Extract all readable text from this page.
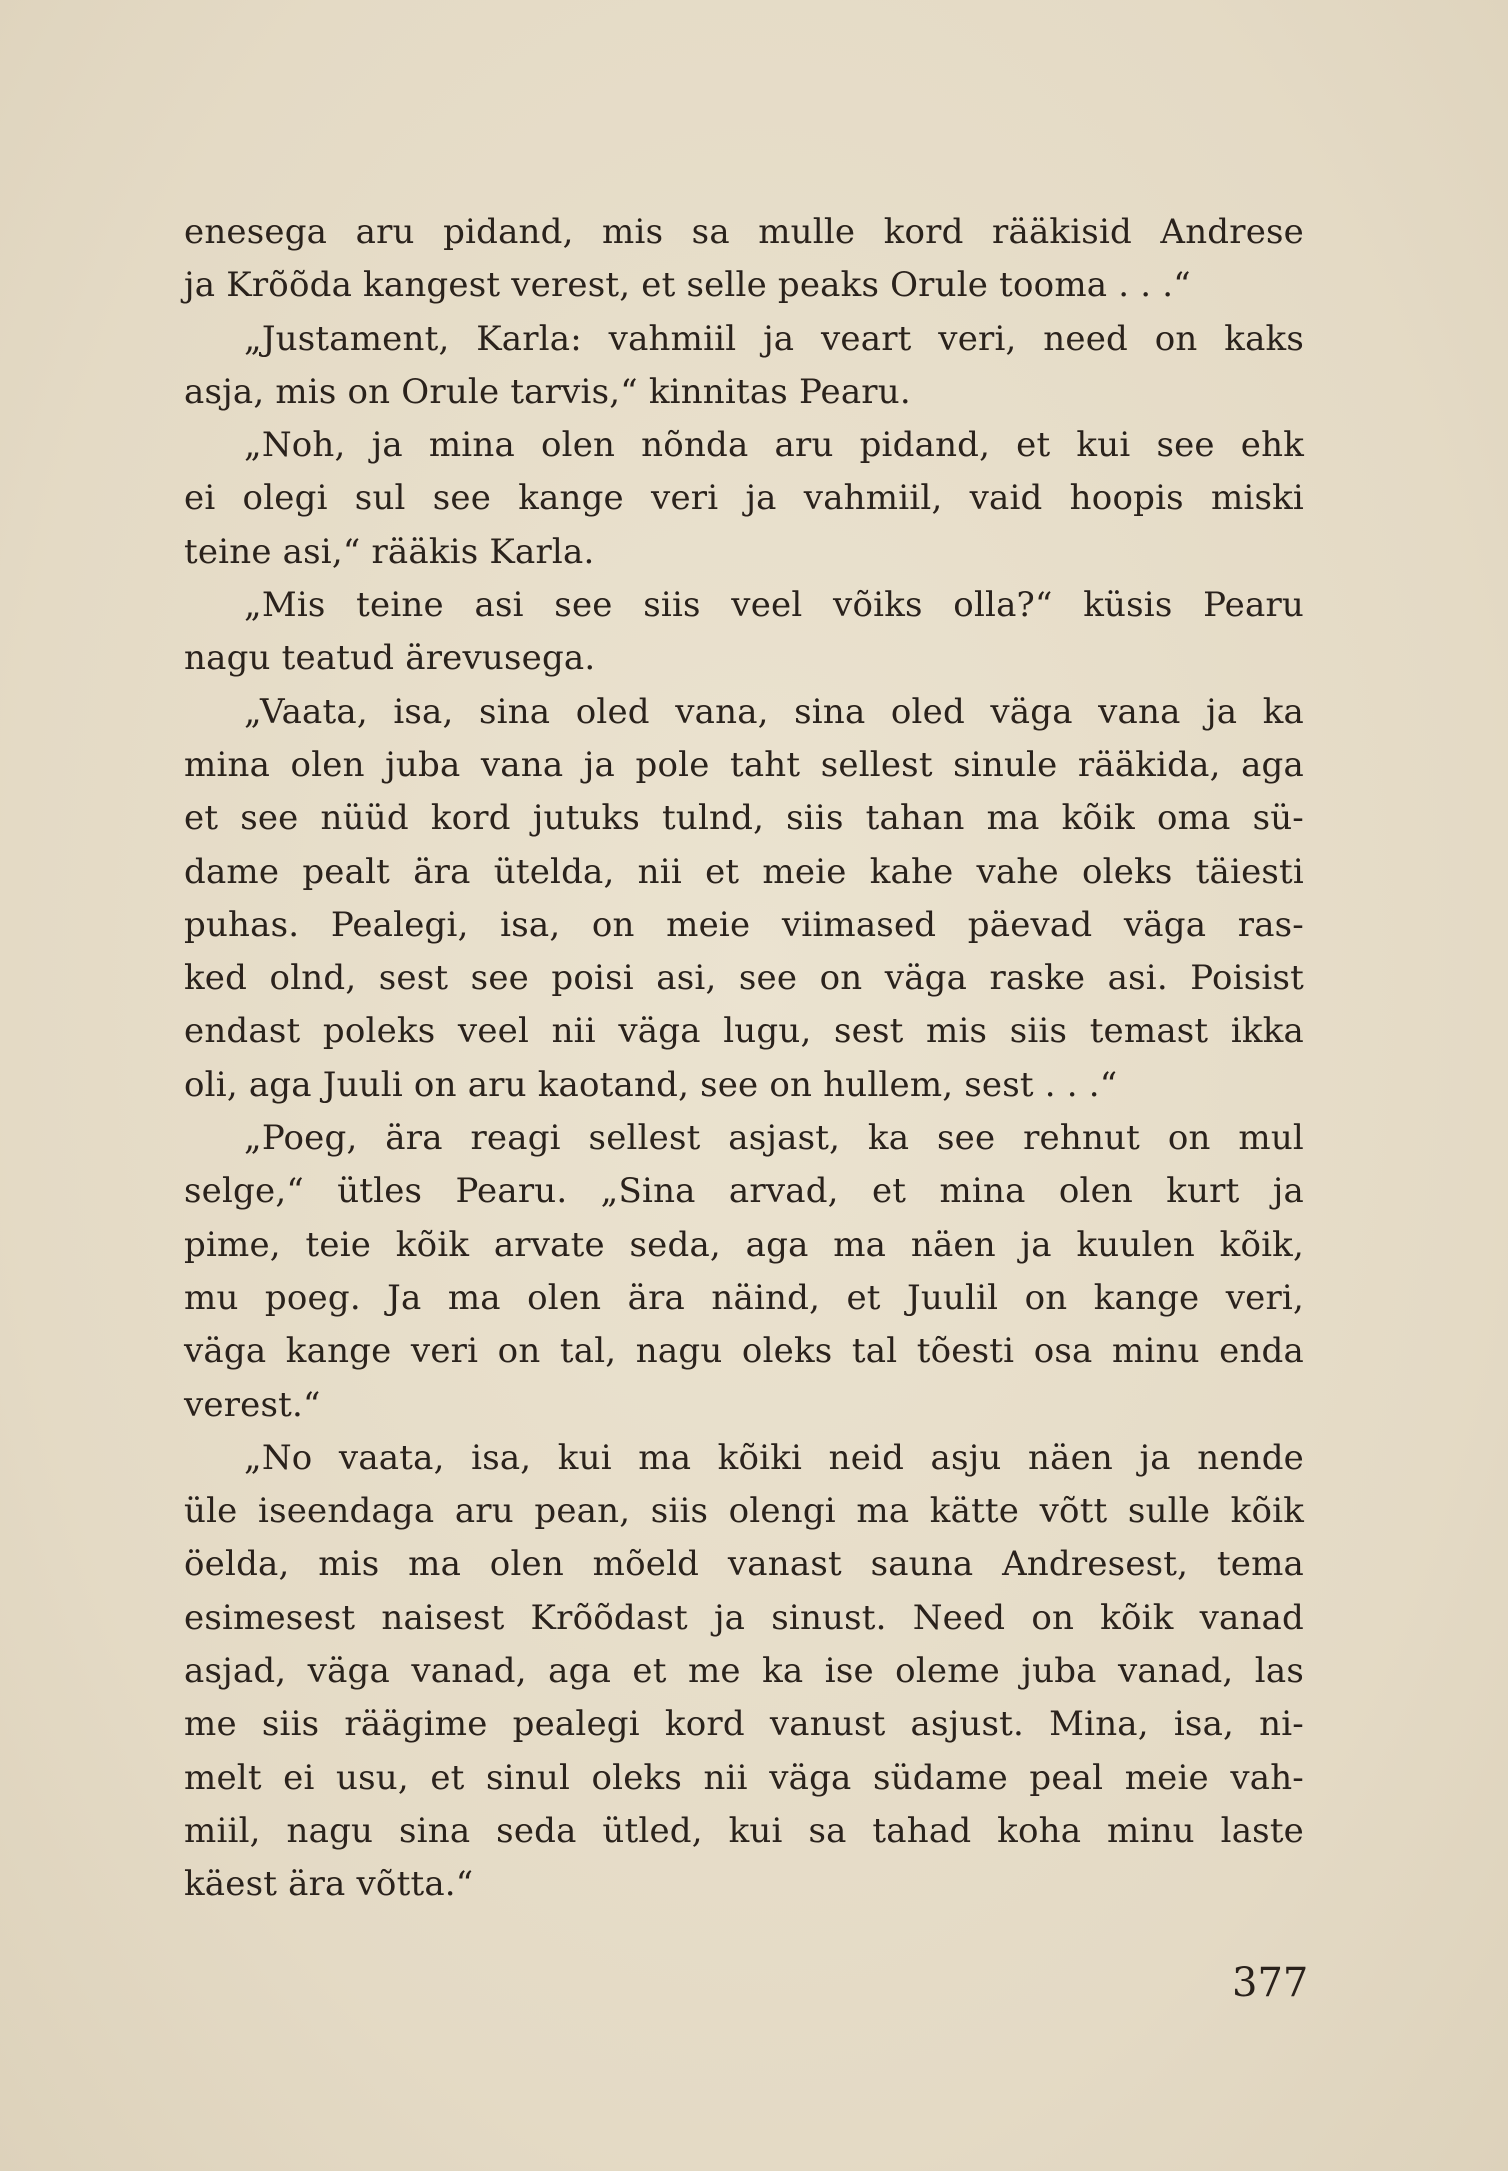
enesega aru pidand, mis sa mulle kord rääkisid Andrese
ja Krõõda kangest verest, et selle peaks Orule tooma . . .“
„Justament, Karla: vahmiil ja veart veri, need on kaks
asja, mis on Orule tarvis,“ kinnitas Pearu.
„Noh, ja mina olen nõnda aru pidand, et kui see ehk
ei olegi sul see kange veri ja vahmiil, vaid hoopis miski
teine asi,“ rääkis Karla.
„Mis teine asi see siis veel võiks olla?“ küsis Pearu
nagu teatud ärevusega.
„Vaata, isa, sina oled vana, sina oled väga vana ja ka
mina olen juba vana ja pole taht sellest sinule rääkida, aga
et see nüüd kord jutuks tulnd, siis tahan ma kõik oma sü-
dame pealt ära ütelda, nii et meie kahe vahe oleks täiesti
puhas. Pealegi, isa, on meie viimased päevad väga ras-
ked olnd, sest see poisi asi, see on väga raske asi. Poisist
endast poleks veel nii väga lugu, sest mis siis temast ikka
oli, aga Juuli on aru kaotand, see on hullem, sest . . .“
„Poeg, ära reagi sellest asjast, ka see rehnut on mul
selge,“ ütles Pearu. „Sina arvad, et mina olen kurt ja
pime, teie kõik arvate seda, aga ma näen ja kuulen kõik,
mu poeg. Ja ma olen ära näind, et Juulil on kange veri,
väga kange veri on tal, nagu oleks tal tõesti osa minu enda
verest.“
„No vaata, isa, kui ma kõiki neid asju näen ja nende
üle iseendaga aru pean, siis olengi ma kätte võtt sulle kõik
öelda, mis ma olen mõeld vanast sauna Andresest, tema
esimesest naisest Krõõdast ja sinust. Need on kõik vanad
asjad, väga vanad, aga et me ka ise oleme juba vanad, las
me siis räägime pealegi kord vanust asjust. Mina, isa, ni-
melt ei usu, et sinul oleks nii väga südame peal meie vah-
miil, nagu sina seda ütled, kui sa tahad koha minu laste
käest ära võtta.“
377
